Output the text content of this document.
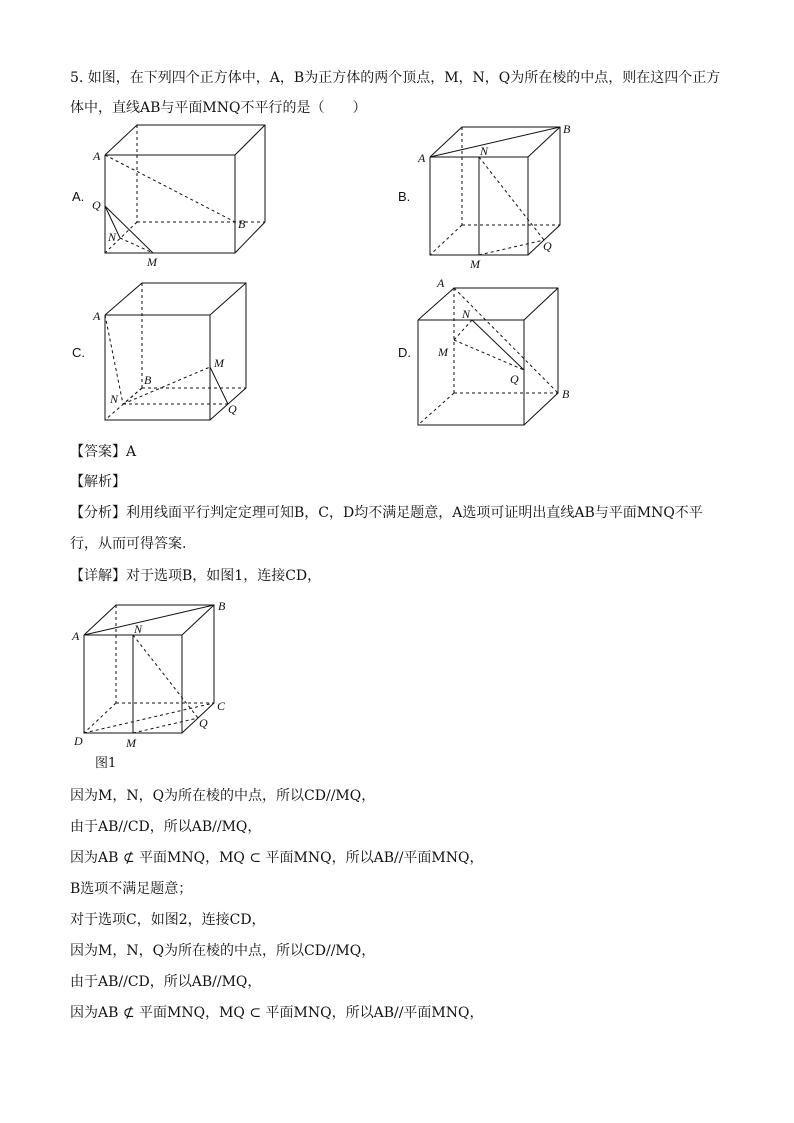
5. 如图，在下列四个正方体中，A，B为正方体的两个顶点，M，N，Q为所在棱的中点，则在这四个正方
体中，直线AB与平面MNQ不平行的是（　　）
A.	B.
C.	D.
A
B
Q
N
M
A
B
N
Q
M
A
B
N
M
Q
A
N
M
Q
B
【答案】A
【解析】
【分析】利用线面平行判定定理可知B，C，D均不满足题意，A选项可证明出直线AB与平面MNQ不平
行，从而可得答案.
【详解】对于选项B，如图1，连接CD，
A
B
N
C
Q
D	M
图1
因为M，N，Q为所在棱的中点，所以CD//MQ，
由于AB//CD，所以AB//MQ，
因为AB ⊄ 平面MNQ，MQ ⊂ 平面MNQ，所以AB//平面MNQ，
B选项不满足题意；
对于选项C，如图2，连接CD，
因为M，N，Q为所在棱的中点，所以CD//MQ，
由于AB//CD，所以AB//MQ，
因为AB ⊄ 平面MNQ，MQ ⊂ 平面MNQ，所以AB//平面MNQ，
